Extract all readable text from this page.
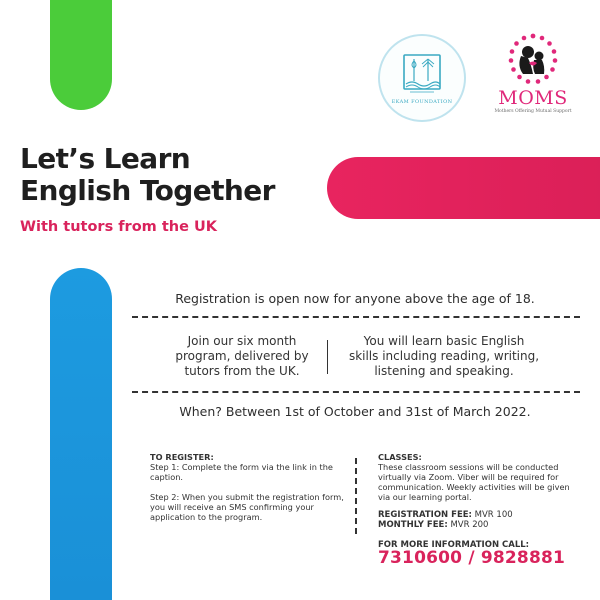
EKAM FOUNDATION MOMS
Mothers Offering Mutual Support
Let’s Learn
English Together
With tutors from the UK
Registration is open now for anyone above the age of 18.
Join our six month
program, delivered by
tutors from the UK.
You will learn basic English
skills including reading, writing,
listening and speaking.
When? Between 1st of October and 31st of March 2022.
TO REGISTER:
Step 1: Complete the form via the link in the caption.
Step 2: When you submit the registration form, you will receive an SMS confirming your application to the program.
CLASSES:
These classroom sessions will be conducted virtually via Zoom. Viber will be required for communication. Weekly activities will be given via our learning portal.
REGISTRATION FEE: MVR 100
MONTHLY FEE: MVR 200
FOR MORE INFORMATION CALL:
7310600 / 9828881
